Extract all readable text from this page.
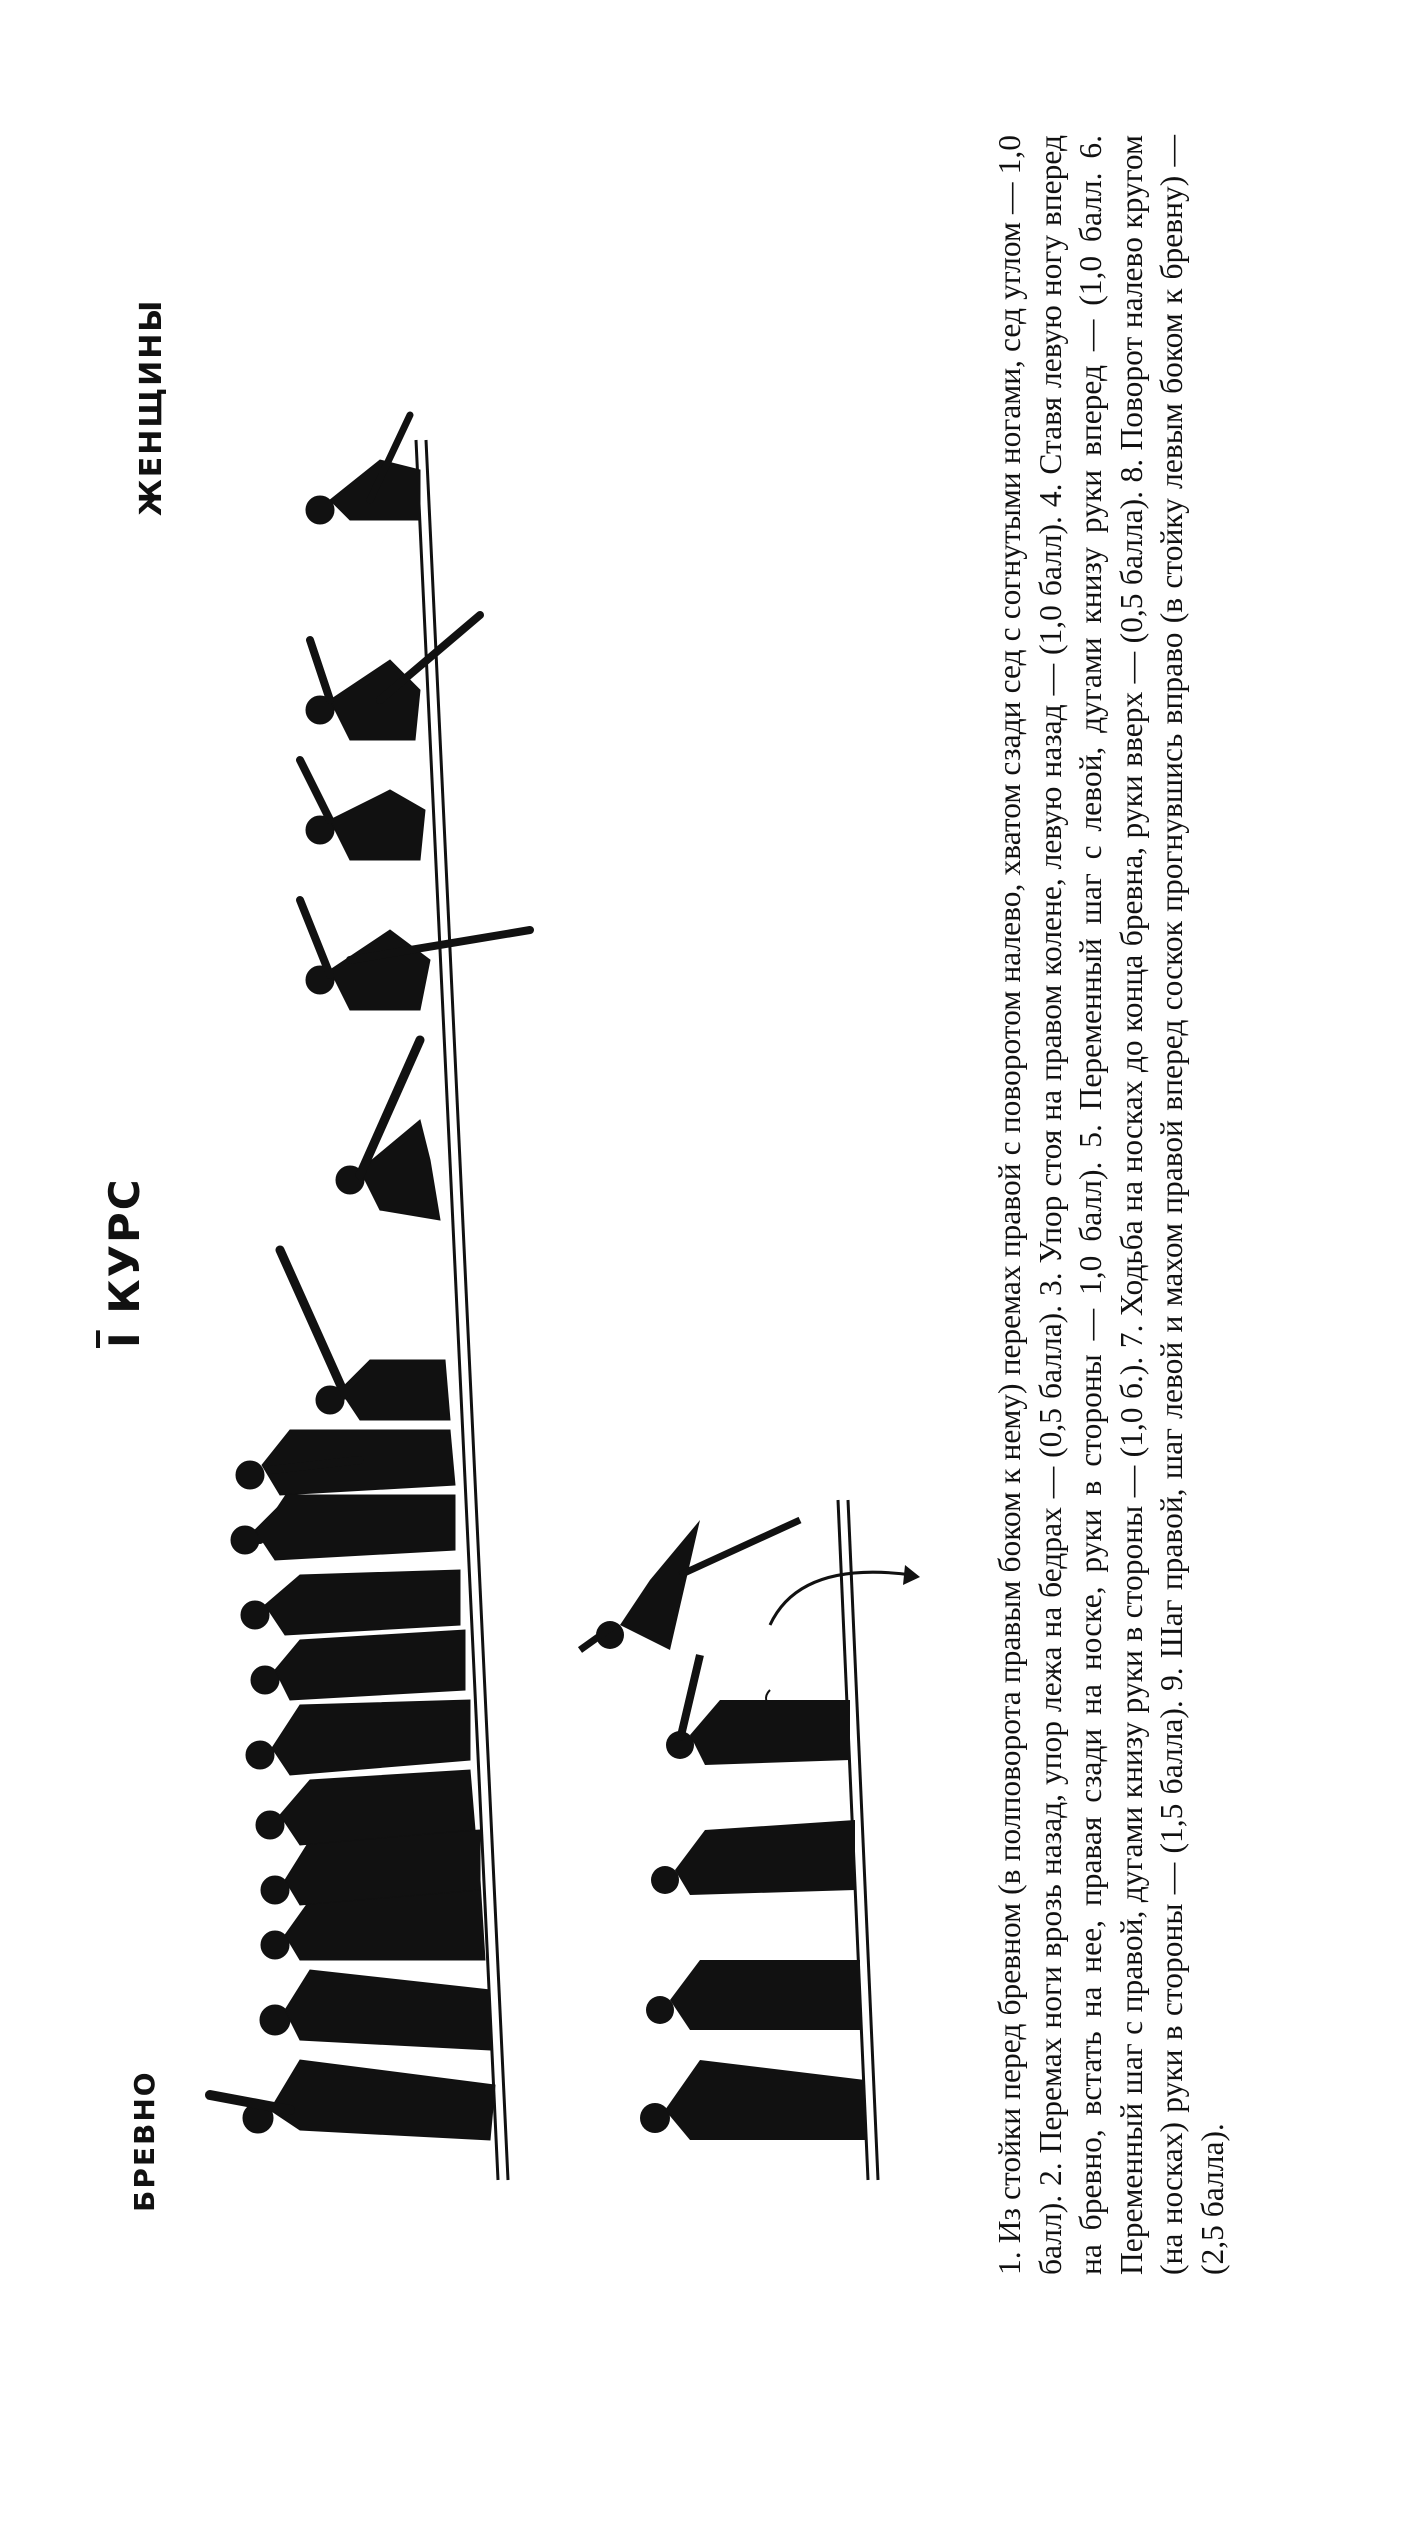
БРЕВНО
$\overline{I}$ КУРС
ЖЕНЩИНЫ	1. Из стойки перед бревном (в полповорота правым боком к нему) перемах правой с поворотом налево, хватом сзади сед с согнутыми ногами, сед углом — 1,0 балл). 2. Перемах ноги врозь назад, упор лежа на бедрах — (0,5 балла). 3. Упор стоя на правом колене, левую назад — (1,0 балл). 4. Ставя левую ногу вперед на бревно, встать на нее, правая сзади на носке, руки в стороны — 1,0 балл). 5. Переменный шаг с левой, дугами книзу руки вперед — (1,0 балл. 6. Переменный шаг с правой, дугами книзу руки в стороны — (1,0 б.). 7. Ходьба на носках до конца бревна, руки вверх — (0,5 балла). 8. Поворот налево кругом (на носках) руки в стороны — (1,5 балла). 9. Шаг правой, шаг левой и махом правой вперед соскок прогнувшись вправо (в стойку левым боком к бревну) — (2,5 балла).
